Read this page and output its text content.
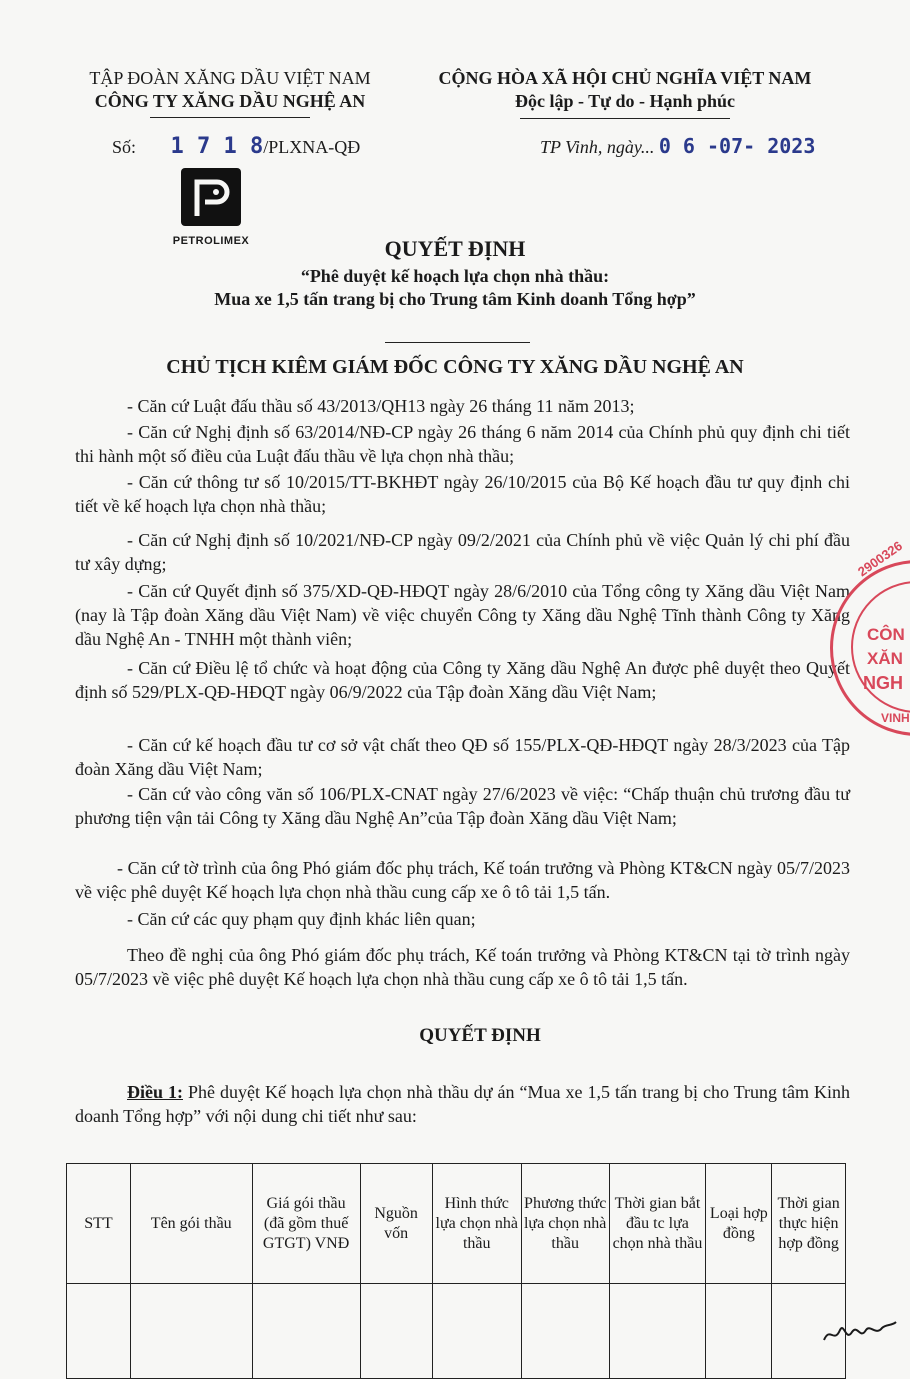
TẬP ĐOÀN XĂNG DẦU VIỆT NAM
CÔNG TY XĂNG DẦU NGHỆ AN
CỘNG HÒA XÃ HỘI CHỦ NGHĨA VIỆT NAM
Độc lập - Tự do - Hạnh phúc
Số: 1 7 1 8/PLXNA-QĐ	TP Vinh, ngày... 0 6 -07- 2023
PETROLIMEX	QUYẾT ĐỊNH
“Phê duyệt kế hoạch lựa chọn nhà thầu:
Mua xe 1,5 tấn trang bị cho Trung tâm Kinh doanh Tổng hợp”
CHỦ TỊCH KIÊM GIÁM ĐỐC CÔNG TY XĂNG DẦU NGHỆ AN
- Căn cứ Luật đấu thầu số 43/2013/QH13 ngày 26 tháng 11 năm 2013;
- Căn cứ Nghị định số 63/2014/NĐ-CP ngày 26 tháng 6 năm 2014 của Chính phủ quy định chi tiết thi hành một số điều của Luật đấu thầu về lựa chọn nhà thầu;
- Căn cứ thông tư số 10/2015/TT-BKHĐT ngày 26/10/2015 của Bộ Kế hoạch đầu tư quy định chi tiết về kế hoạch lựa chọn nhà thầu;
- Căn cứ Nghị định số 10/2021/NĐ-CP ngày 09/2/2021 của Chính phủ về việc Quản lý chi phí đầu tư xây dựng;
- Căn cứ Quyết định số 375/XD-QĐ-HĐQT ngày 28/6/2010 của Tổng công ty Xăng dầu Việt Nam (nay là Tập đoàn Xăng dầu Việt Nam) về việc chuyển Công ty Xăng dầu Nghệ Tĩnh thành Công ty Xăng dầu Nghệ An - TNHH một thành viên;
- Căn cứ Điều lệ tổ chức và hoạt động của Công ty Xăng dầu Nghệ An được phê duyệt theo Quyết định số 529/PLX-QĐ-HĐQT ngày 06/9/2022 của Tập đoàn Xăng dầu Việt Nam;
- Căn cứ kế hoạch đầu tư cơ sở vật chất theo QĐ số 155/PLX-QĐ-HĐQT ngày 28/3/2023 của Tập đoàn Xăng dầu Việt Nam;
- Căn cứ vào công văn số 106/PLX-CNAT ngày 27/6/2023 về việc: “Chấp thuận chủ trương đầu tư phương tiện vận tải Công ty Xăng dầu Nghệ An”của Tập đoàn Xăng dầu Việt Nam;
- Căn cứ tờ trình của ông Phó giám đốc phụ trách, Kế toán trưởng và Phòng KT&CN ngày 05/7/2023 về việc phê duyệt Kế hoạch lựa chọn nhà thầu cung cấp xe ô tô tải 1,5 tấn.
- Căn cứ các quy phạm quy định khác liên quan;
Theo đề nghị của ông Phó giám đốc phụ trách, Kế toán trưởng và Phòng KT&CN tại tờ trình ngày 05/7/2023 về việc phê duyệt Kế hoạch lựa chọn nhà thầu cung cấp xe ô tô tải 1,5 tấn.
QUYẾT ĐỊNH
Điều 1: Phê duyệt Kế hoạch lựa chọn nhà thầu dự án “Mua xe 1,5 tấn trang bị cho Trung tâm Kinh doanh Tổng hợp” với nội dung chi tiết như sau:
STT	Tên gói thầu	Giá gói thầu (đã gồm thuế GTGT) VNĐ	Nguồn vốn	Hình thức lựa chọn nhà thầu	Phương thức lựa chọn nhà thầu	Thời gian bắt đầu tc lựa chọn nhà thầu	Loại hợp đồng	Thời gian thực hiện hợp đồng

2900326
CÔN
XĂN
NGH
VINH
